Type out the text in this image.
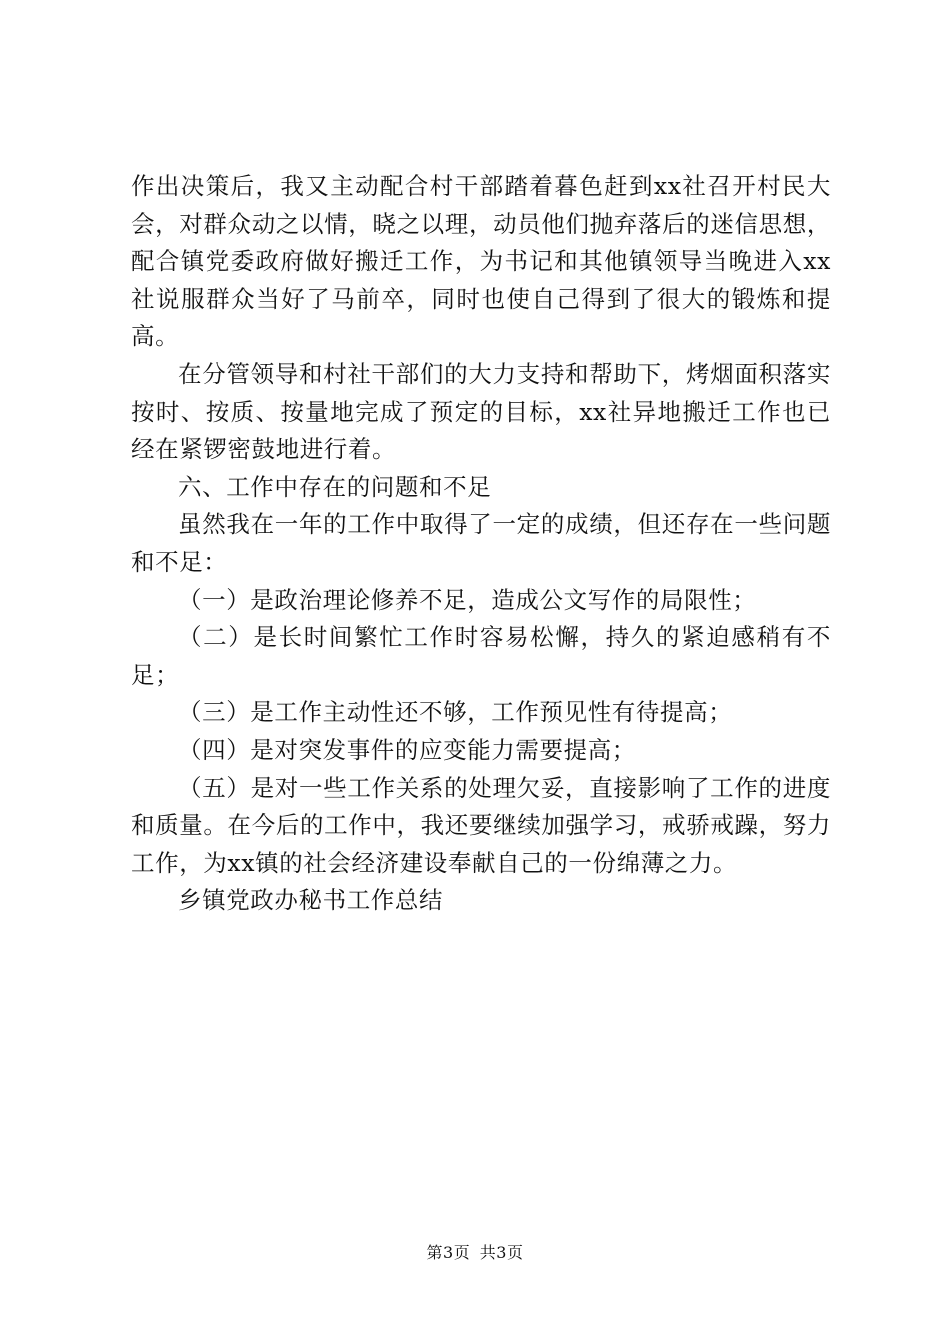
作出决策后，我又主动配合村干部踏着暮色赶到xx社召开村民大会，对群众动之以情，晓之以理，动员他们抛弃落后的迷信思想，配合镇党委政府做好搬迁工作，为书记和其他镇领导当晚进入xx社说服群众当好了马前卒，同时也使自己得到了很大的锻炼和提高。

在分管领导和村社干部们的大力支持和帮助下，烤烟面积落实按时、按质、按量地完成了预定的目标，xx社异地搬迁工作也已经在紧锣密鼓地进行着。

六、工作中存在的问题和不足

虽然我在一年的工作中取得了一定的成绩，但还存在一些问题和不足：

（一）是政治理论修养不足，造成公文写作的局限性；

（二）是长时间繁忙工作时容易松懈，持久的紧迫感稍有不足；

（三）是工作主动性还不够，工作预见性有待提高；

（四）是对突发事件的应变能力需要提高；

（五）是对一些工作关系的处理欠妥，直接影响了工作的进度和质量。在今后的工作中，我还要继续加强学习，戒骄戒躁，努力工作，为xx镇的社会经济建设奉献自己的一份绵薄之力。

乡镇党政办秘书工作总结

第3页 共3页
